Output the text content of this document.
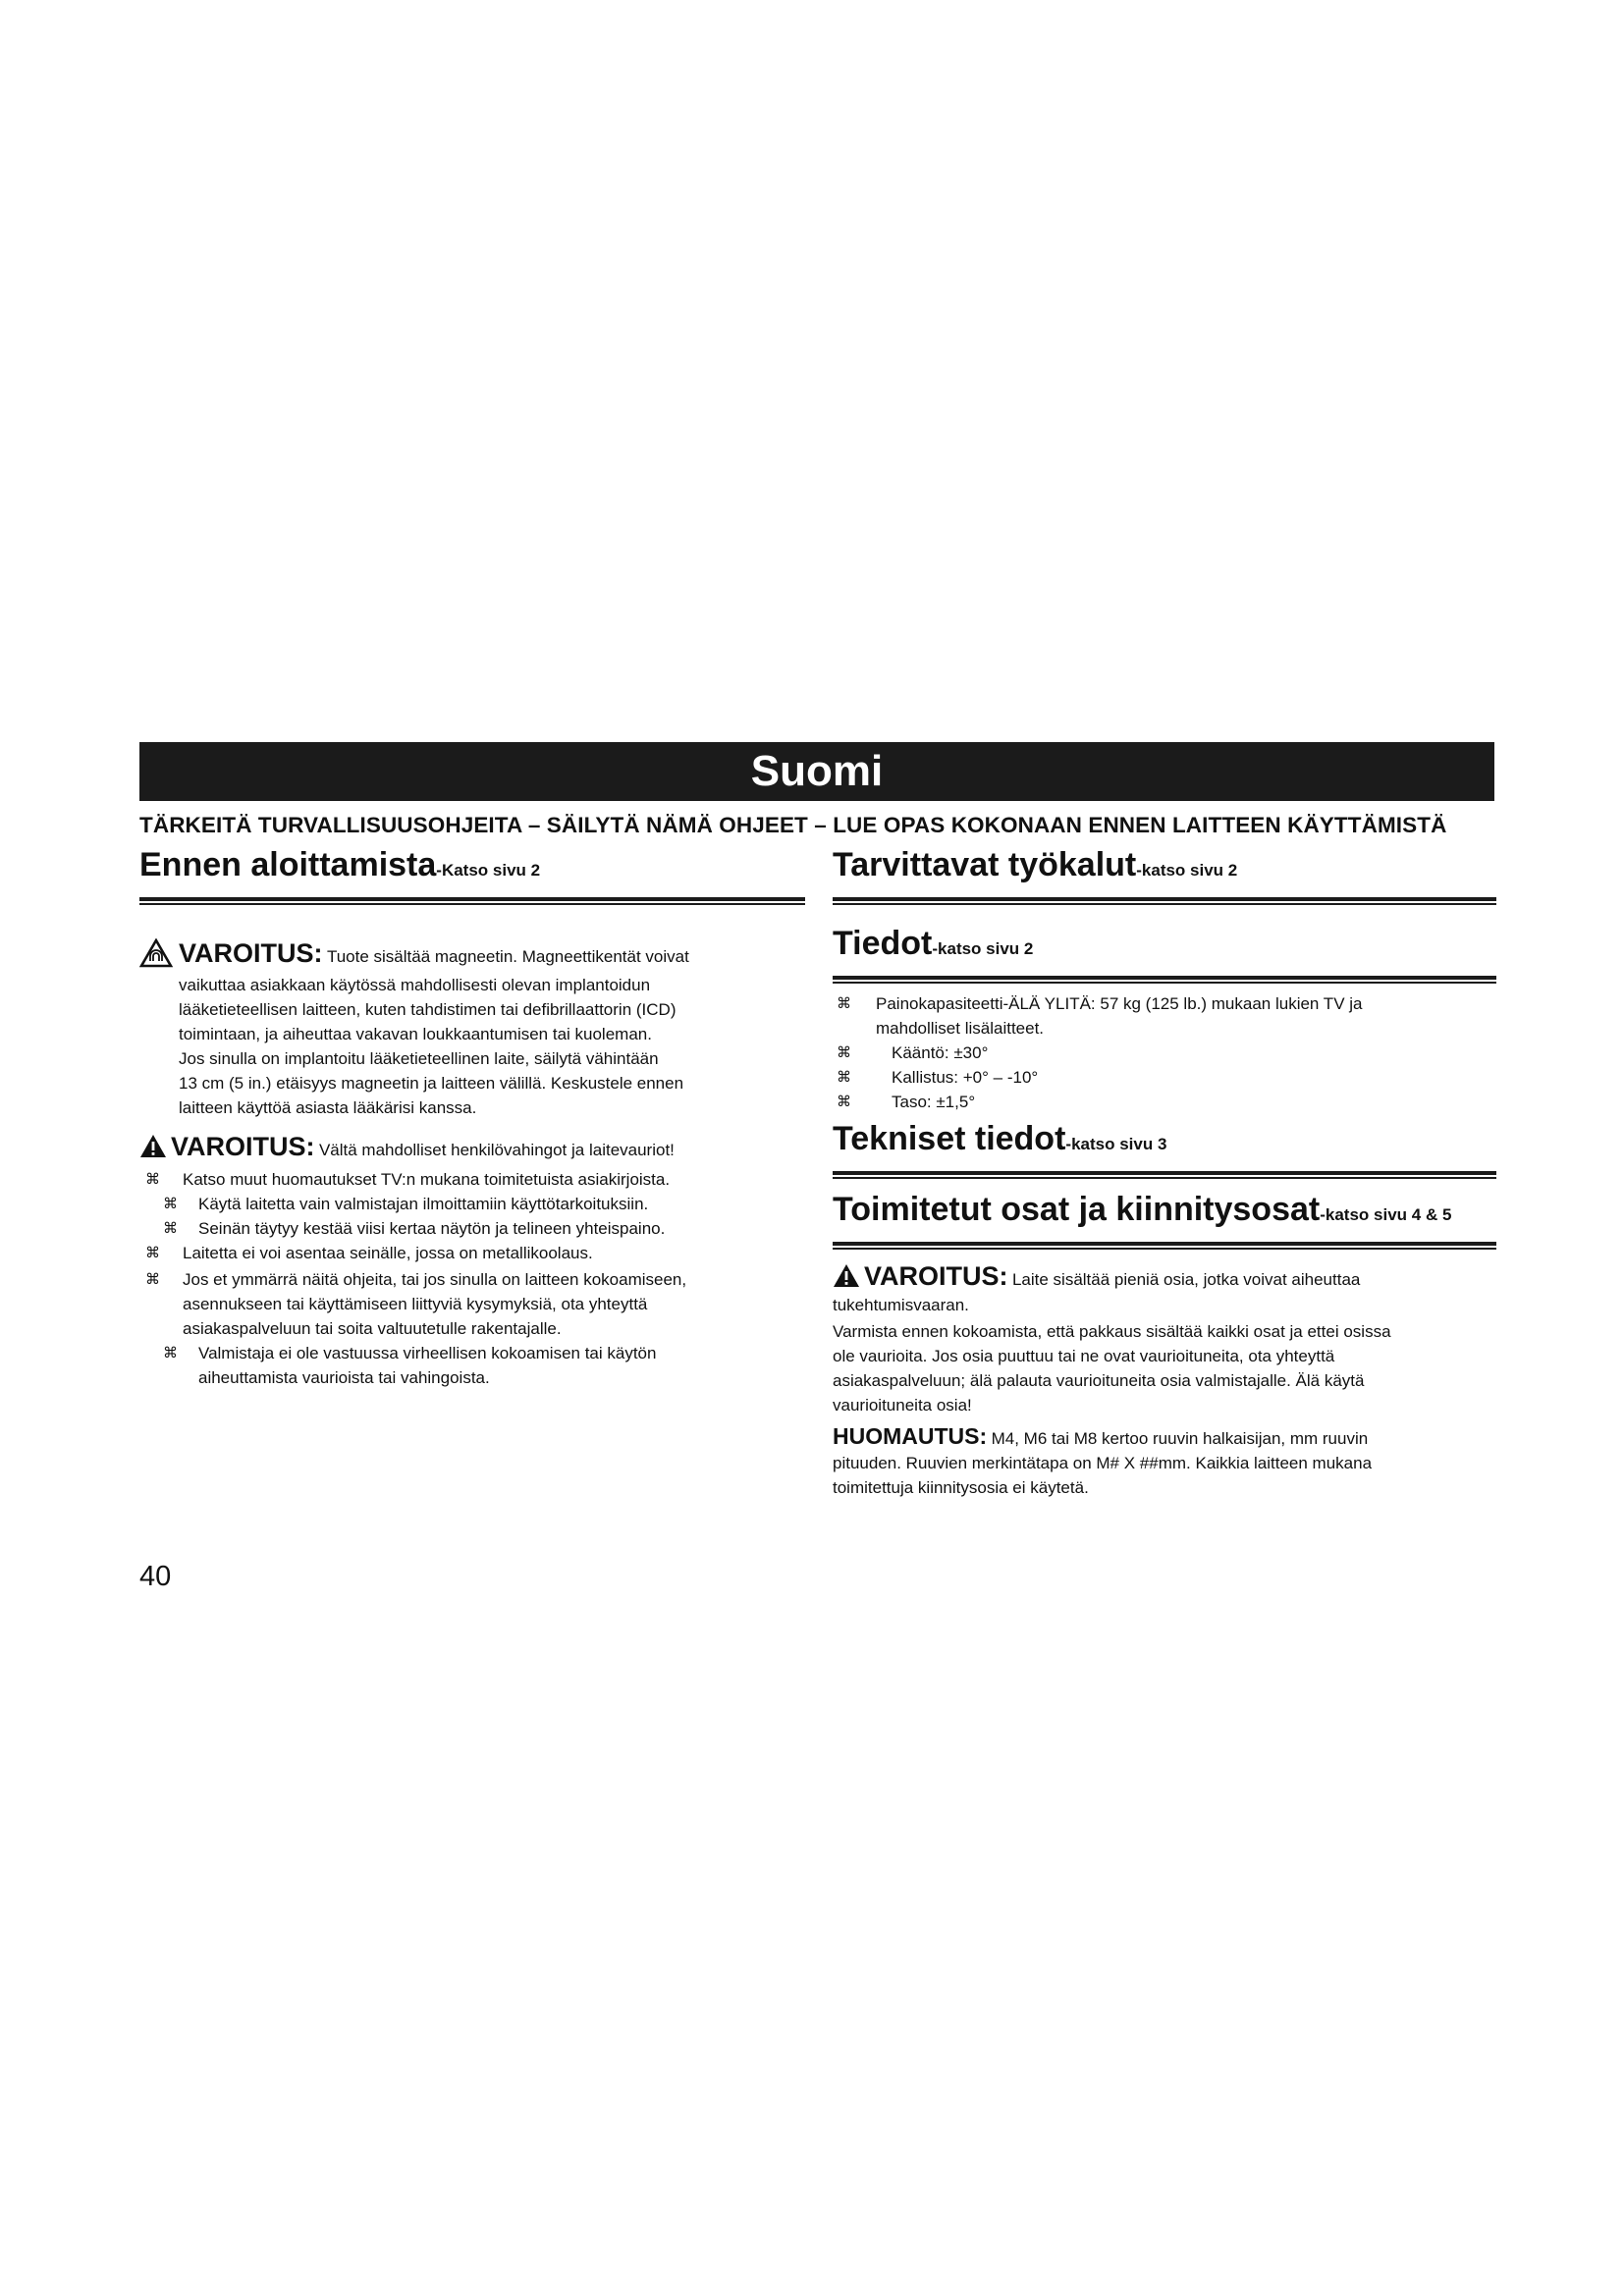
Suomi
TÄRKEITÄ TURVALLISUUSOHJEITA – SÄILYTÄ NÄMÄ OHJEET – LUE OPAS KOKONAAN ENNEN LAITTEEN KÄYTTÄMISTÄ
Ennen aloittamista-Katso sivu 2

VAROITUS: Tuote sisältää magneetin. Magneettikentät voivat

vaikuttaa asiakkaan käytössä mahdollisesti olevan implantoidun

lääketieteellisen laitteen, kuten tahdistimen tai defibrillaattorin (ICD)

toimintaan, ja aiheuttaa vakavan loukkaantumisen tai kuoleman.

Jos sinulla on implantoitu lääketieteellinen laite, säilytä vähintään

13 cm (5 in.) etäisyys magneetin ja laitteen välillä. Keskustele ennen

laitteen käyttöä asiasta lääkärisi kanssa.

VAROITUS: Vältä mahdolliset henkilövahingot ja laitevauriot!

⌘ Katso muut huomautukset TV:n mukana toimitetuista asiakirjoista.
⌘ Käytä laitetta vain valmistajan ilmoittamiin käyttötarkoituksiin.
⌘ Seinän täytyy kestää viisi kertaa näytön ja telineen yhteispaino.
⌘ Laitetta ei voi asentaa seinälle, jossa on metallikoolaus.
⌘ Jos et ymmärrä näitä ohjeita, tai jos sinulla on laitteen kokoamiseen,
asennukseen tai käyttämiseen liittyviä kysymyksiä, ota yhteyttä
asiakaspalveluun tai soita valtuutetulle rakentajalle.
⌘ Valmistaja ei ole vastuussa virheellisen kokoamisen tai käytön
aiheuttamista vaurioista tai vahingoista.
Tarvittavat työkalut-katso sivu 2
Tiedot-katso sivu 2
⌘ Painokapasiteetti-ÄLÄ YLITÄ: 57 kg (125 lb.) mukaan lukien TV ja
mahdolliset lisälaitteet.
⌘ Kääntö: ±30°
⌘ Kallistus: +0° – -10°
⌘ Taso: ±1,5°
Tekniset tiedot-katso sivu 3
Toimitetut osat ja kiinnitysosat-katso sivu 4 & 5

VAROITUS: Laite sisältää pieniä osia, jotka voivat aiheuttaa

tukehtumisvaaran.

Varmista ennen kokoamista, että pakkaus sisältää kaikki osat ja ettei osissa

ole vaurioita. Jos osia puuttuu tai ne ovat vaurioituneita, ota yhteyttä

asiakaspalveluun; älä palauta vaurioituneita osia valmistajalle. Älä käytä

vaurioituneita osia!

HUOMAUTUS: M4, M6 tai M8 kertoo ruuvin halkaisijan, mm ruuvin

pituuden. Ruuvien merkintätapa on M# X ##mm. Kaikkia laitteen mukana

toimitettuja kiinnitysosia ei käytetä.

40
